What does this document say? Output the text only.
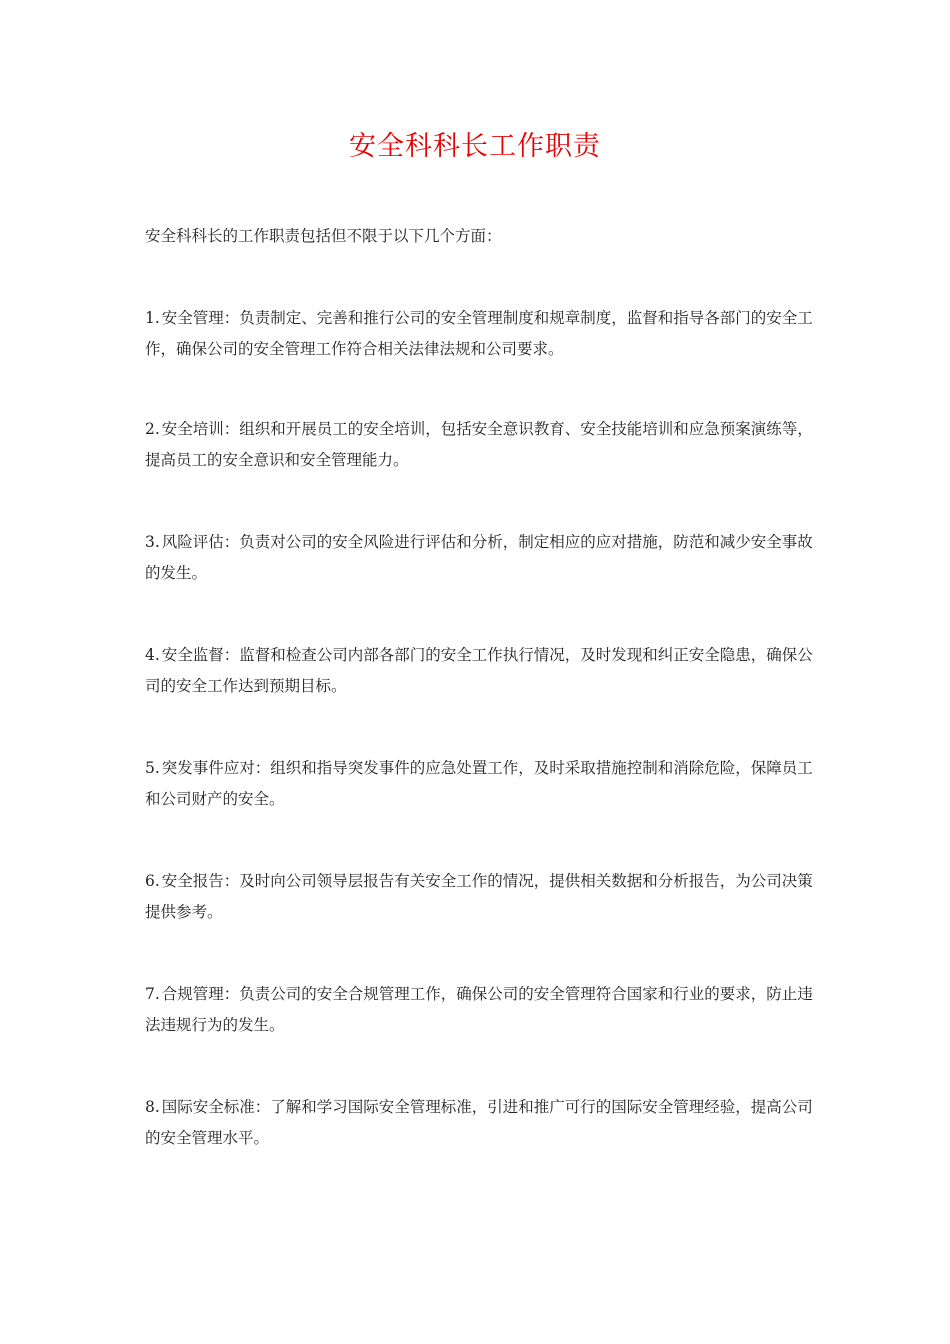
安全科科长工作职责

安全科科长的工作职责包括但不限于以下几个方面：

1. 安全管理：负责制定、完善和推行公司的安全管理制度和规章制度，监督和指导各部门的安全工作，确保公司的安全管理工作符合相关法律法规和公司要求。

2. 安全培训：组织和开展员工的安全培训，包括安全意识教育、安全技能培训和应急预案演练等，提高员工的安全意识和安全管理能力。

3. 风险评估：负责对公司的安全风险进行评估和分析，制定相应的应对措施，防范和减少安全事故的发生。

4. 安全监督：监督和检查公司内部各部门的安全工作执行情况，及时发现和纠正安全隐患，确保公司的安全工作达到预期目标。

5. 突发事件应对：组织和指导突发事件的应急处置工作，及时采取措施控制和消除危险，保障员工和公司财产的安全。

6. 安全报告：及时向公司领导层报告有关安全工作的情况，提供相关数据和分析报告，为公司决策提供参考。

7. 合规管理：负责公司的安全合规管理工作，确保公司的安全管理符合国家和行业的要求，防止违法违规行为的发生。

8. 国际安全标准：了解和学习国际安全管理标准，引进和推广可行的国际安全管理经验，提高公司的安全管理水平。
